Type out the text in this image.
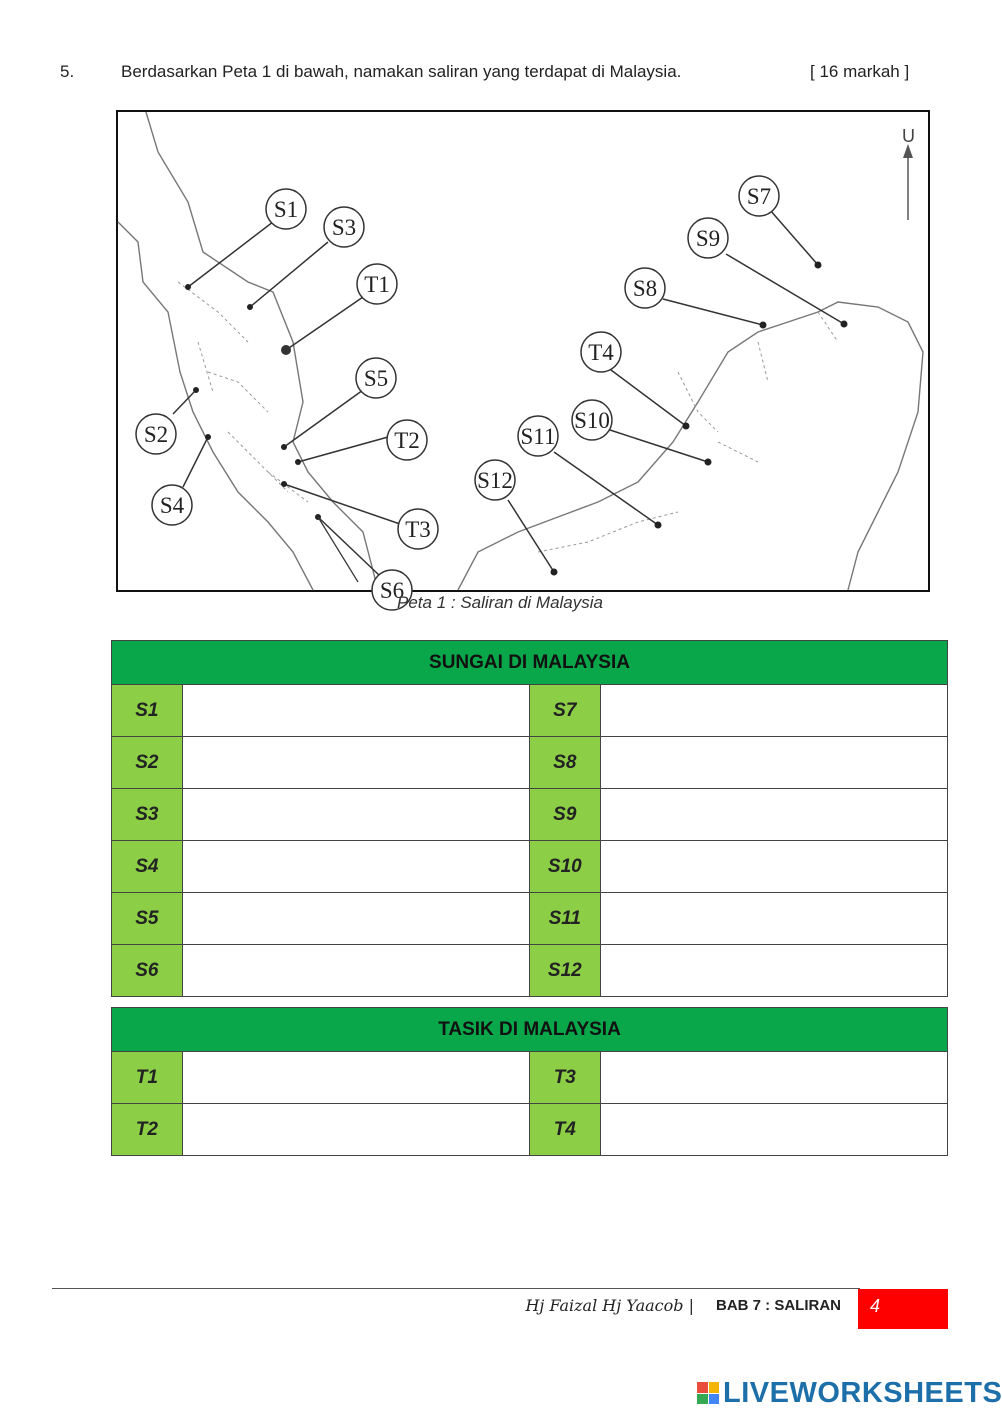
5.	Berdasarkan Peta 1 di bawah, namakan saliran yang terdapat di Malaysia.	[ 16 markah ]
U
S1
S2
S3
S4
S5
S6
S7
S8
S9
S10
S11
S12
T1
T2
T3
T4
Peta 1 : Saliran di Malaysia
SUNGAI DI MALAYSIA			
S1		S7	
S2		S8	
S3		S9	
S4		S10	
S5		S11	
S6		S12	
TASIK DI MALAYSIA			
T1		T3	
T2		T4	
Hj Faizal Hj Yaacob | BAB 7 : SALIRAN 4
LIVEWORKSHEETS
